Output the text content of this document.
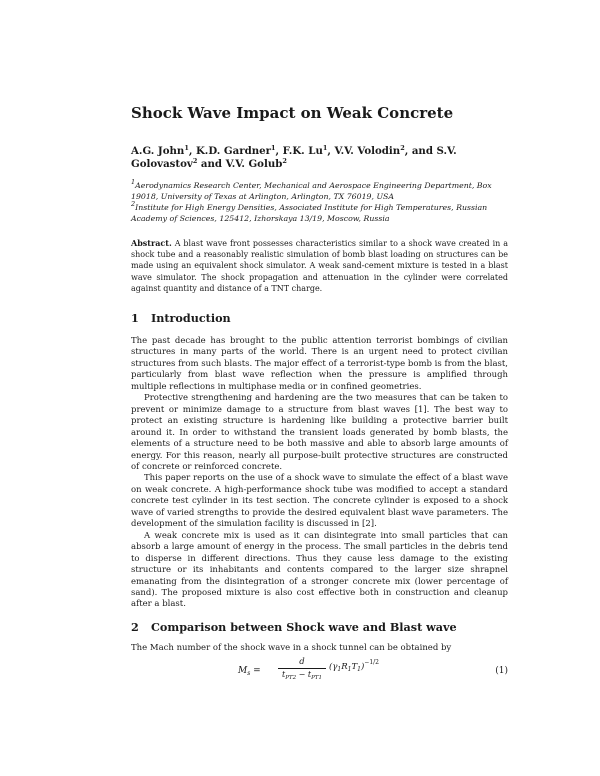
Shock Wave Impact on Weak Concrete

A.G. John$^1$, K.D. Gardner$^1$, F.K. Lu$^1$, V.V. Volodin$^2$, and S.V. Golovastov$^2$ and V.V. Golub$^2$

$^1$Aerodynamics Research Center, Mechanical and Aerospace Engineering Department, Box 19018, University of Texas at Arlington, Arlington, TX 76019, USA

$^2$Institute for High Energy Densities, Associated Institute for High Temperatures, Russian Academy of Sciences, 125412, Izhorskaya 13/19, Moscow, Russia

Abstract. A blast wave front possesses characteristics similar to a shock wave created in a shock tube and a reasonably realistic simulation of bomb blast loading on structures can be made using an equivalent shock simulator. A weak sand-cement mixture is tested in a blast wave simulator. The shock propagation and attenuation in the cylinder were correlated against quantity and distance of a TNT charge.

1 Introduction

The past decade has brought to the public attention terrorist bombings of civilian structures in many parts of the world. There is an urgent need to protect civilian structures from such blasts. The major effect of a terrorist-type bomb is from the blast, particularly from blast wave reflection when the pressure is amplified through multiple reflections in multiphase media or in confined geometries.

Protective strengthening and hardening are the two measures that can be taken to prevent or minimize damage to a structure from blast waves [1]. The best way to protect an existing structure is hardening like building a protective barrier built around it. In order to withstand the transient loads generated by bomb blasts, the elements of a structure need to be both massive and able to absorb large amounts of energy. For this reason, nearly all purpose-built protective structures are constructed of concrete or reinforced concrete.

This paper reports on the use of a shock wave to simulate the effect of a blast wave on weak concrete. A high-performance shock tube was modified to accept a standard concrete test cylinder in its test section. The concrete cylinder is exposed to a shock wave of varied strengths to provide the desired equivalent blast wave parameters. The development of the simulation facility is discussed in [2].

A weak concrete mix is used as it can disintegrate into small particles that can absorb a large amount of energy in the process. The small particles in the debris tend to disperse in different directions. Thus they cause less damage to the existing structure or its inhabitants and contents compared to the larger size shrapnel emanating from the disintegration of a stronger concrete mix (lower percentage of sand). The proposed mixture is also cost effective both in construction and cleanup after a blast.

2 Comparison between Shock wave and Blast wave

The Mach number of the shock wave in a shock tunnel can be obtained by

$M_s$ =
d
$t_{PT2} - t_{PT1}$
$(\gamma_1R_1T_1)^{-1/2}$
(1)
